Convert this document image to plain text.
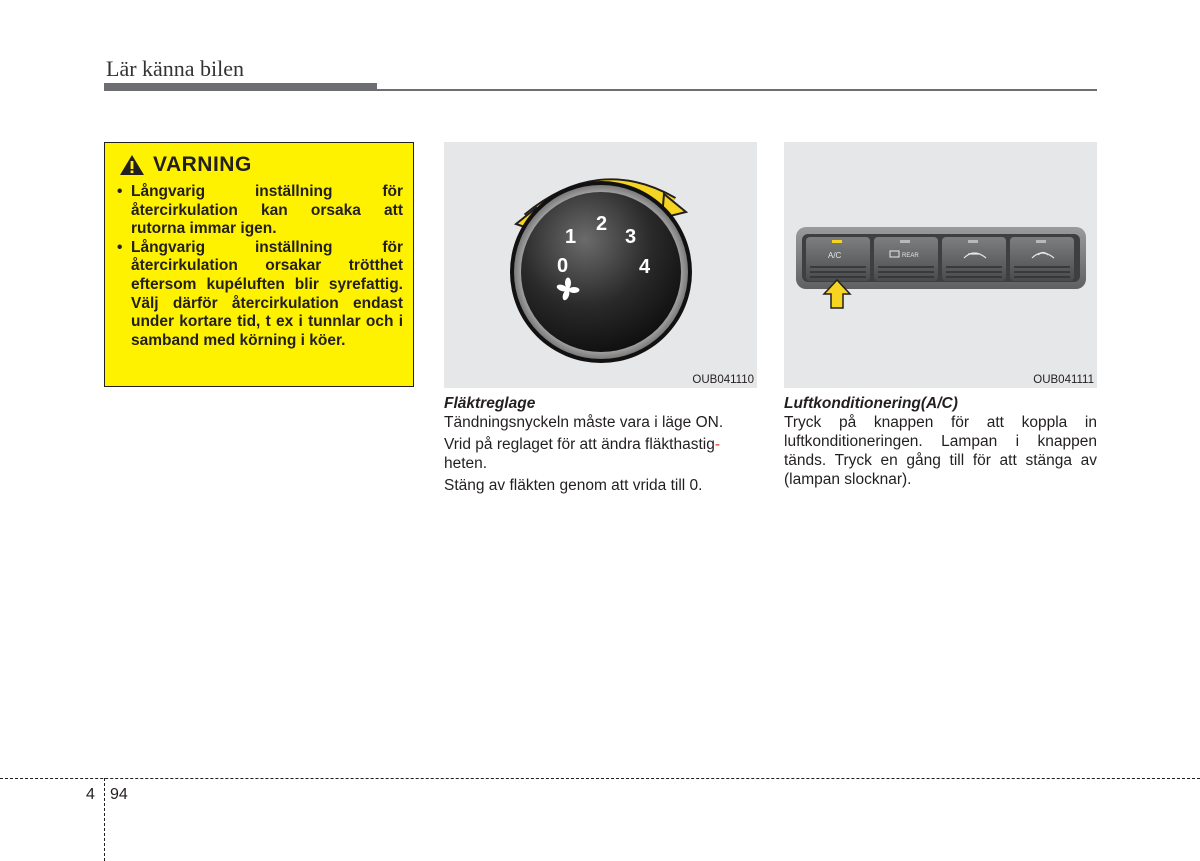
Lär känna bilen
VARNING
• Långvarig inställning för återcirkulation kan orsaka att rutorna immar igen.
• Långvarig inställning för återcirkulation orsakar trötthet eftersom kupéluften blir syrefattig. Välj därför återcirkulation endast under kortare tid, t ex i tunnlar och i samband med körning i köer.
0
1
2
3
4
OUB041110
A/C	REAR
OUB041111

Fläktreglage

Tändningsnyckeln måste vara i läge ON.

Vrid på reglaget för att ändra fläkthastig-
heten.

Stäng av fläkten genom att vrida till 0.

Luftkonditionering(A/C)

Tryck på knappen för att koppla in luftkonditioneringen. Lampan i knappen tänds. Tryck en gång till för att stänga av (lampan slocknar).

4 94
